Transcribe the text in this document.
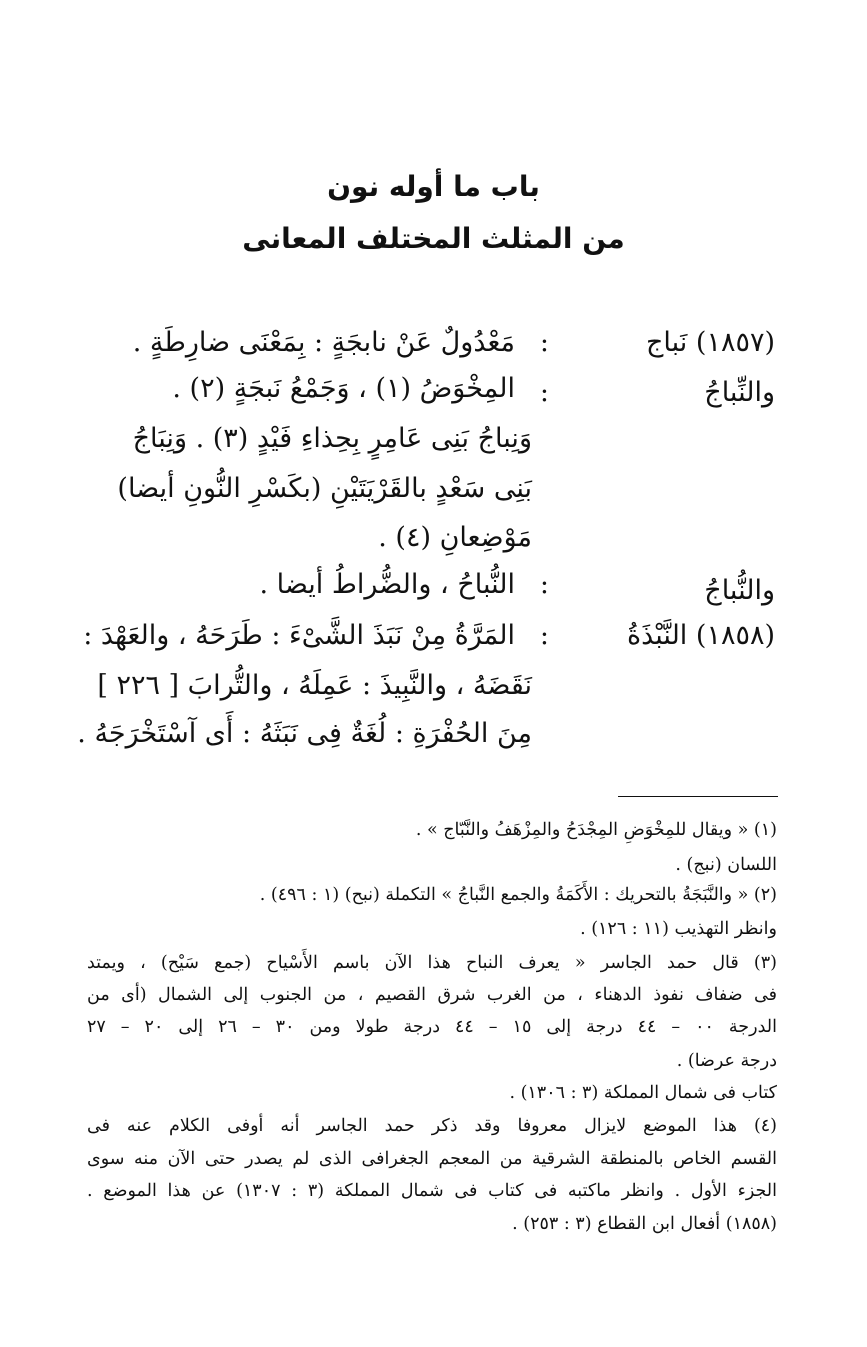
باب ما أوله نون
من المثلث المختلف المعانى
(١٨٥٧) نَباج
:
مَعْدُولٌ عَنْ نابجَةٍ : بِمَعْنَى ضارِطَةٍ .
والنِّباجُ
:
المِخْوَضُ (١) ، وَجَمْعُ نَبجَةٍ (٢) .
وَنِباجُ بَنِى عَامِرٍ بِحِذاءِ فَيْدٍ (٣) . وَنِبَاجُ
بَنِى سَعْدٍ بالقَرْيَتَيْنِ (بكَسْرِ النُّونِ أيضا)
مَوْضِعانِ (٤) .
والنُّباجُ
:
النُّباحُ ، والضُّراطُ أيضا .
(١٨٥٨) النَّبْذَةُ
:
المَرَّةُ مِنْ نَبَذَ الشَّىْءَ : طَرَحَهُ ، والعَهْدَ :
نَقَضَهُ ، والنَّبِيذَ : عَمِلَهُ ، والتُّرابَ [ ٢٢٦ ]
مِنَ الحُفْرَةِ : لُغَةٌ فِى نَبَثَهُ : أَى آسْتَخْرَجَهُ .
(١) « ويقال للمِخْوَضِ المِجْدَحُ والمِزْهَفُ والنَّبّاج » .
اللسان (نبج) .
(٢) « والنَّبَجَةُ بالتحريك : الأَكَمَةُ والجمع النَّباجُ » التكملة (نبح) (١ : ٤٩٦) .
وانظر التهذيب (١١ : ١٢٦) .
(٣) قال حمد الجاسر « يعرف النباح هذا الآن باسم الأَسْياح (جمع سَيْح) ، ويمتد
فى ضفاف نفوذ الدهناء ، من الغرب شرق القصيم ، من الجنوب إلى الشمال (أى من
الدرجة ٠٠ – ٤٤ درجة إلى ١٥ – ٤٤ درجة طولا ومن ٣٠ – ٢٦ إلى ٢٠ – ٢٧
درجة عرضا) .
كتاب فى شمال المملكة (٣ : ١٣٠٦) .
(٤) هذا الموضع لايزال معروفا وقد ذكر حمد الجاسر أنه أوفى الكلام عنه فى
القسم الخاص بالمنطقة الشرقية من المعجم الجغرافى الذى لم يصدر حتى الآن منه سوى
الجزء الأول . وانظر ماكتبه فى كتاب فى شمال المملكة (٣ : ١٣٠٧) عن هذا الموضع .
(١٨٥٨) أفعال ابن القطاع (٣ : ٢٥٣) .
